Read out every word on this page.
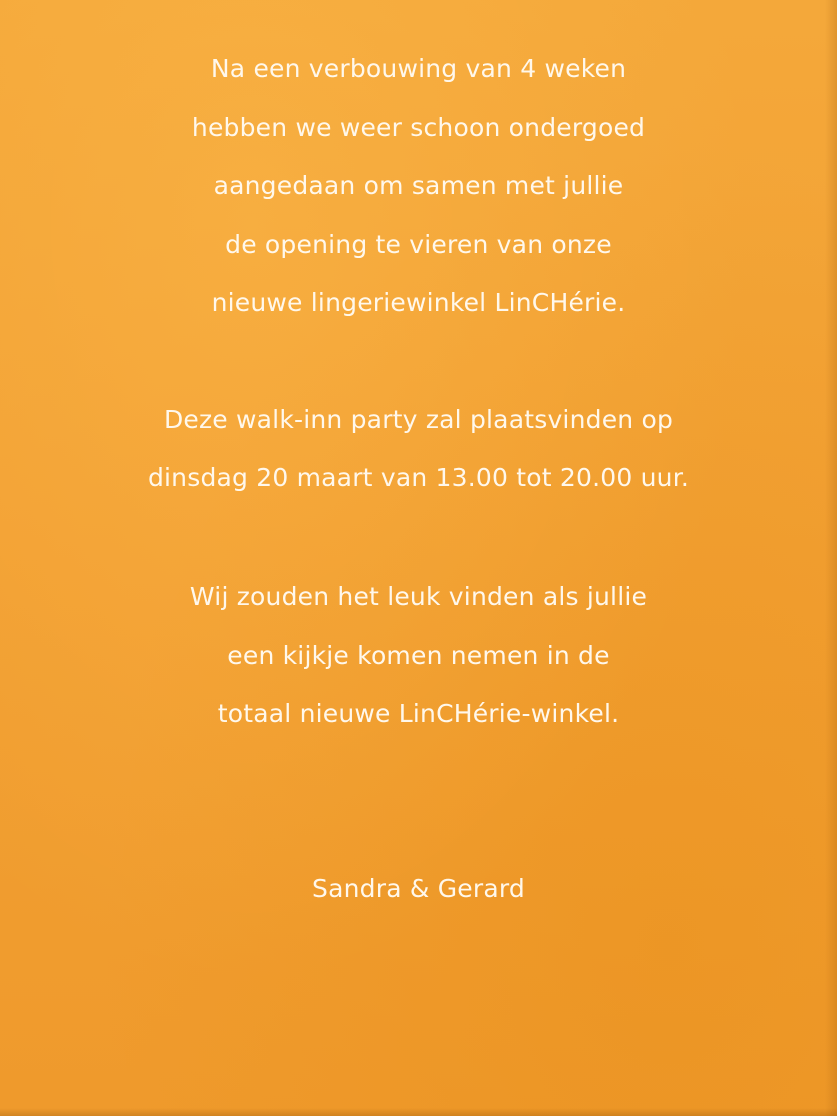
Na een verbouwing van 4 weken
hebben we weer schoon ondergoed
aangedaan om samen met jullie
de opening te vieren van onze
nieuwe lingeriewinkel LinCHérie.
Deze walk-inn party zal plaatsvinden op
dinsdag 20 maart van 13.00 tot 20.00 uur.
Wij zouden het leuk vinden als jullie
een kijkje komen nemen in de
totaal nieuwe LinCHérie-winkel.
Sandra & Gerard
